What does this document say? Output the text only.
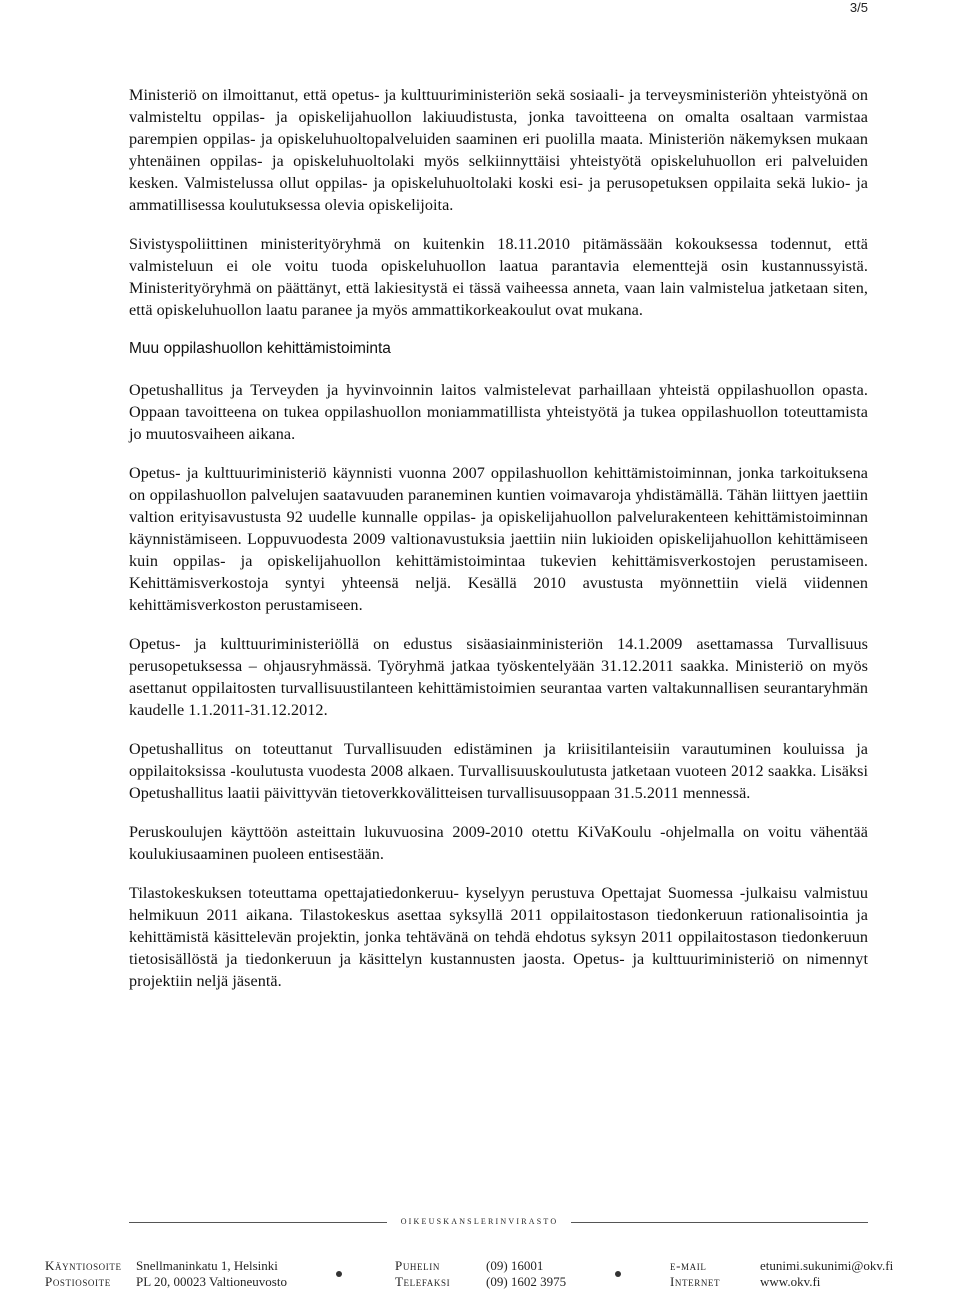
3/5

Ministeriö on ilmoittanut, että opetus- ja kulttuuriministeriön sekä sosiaali- ja terveysministeriön yhteistyönä on valmisteltu oppilas- ja opiskelijahuollon lakiuudistusta, jonka tavoitteena on omalta osaltaan varmistaa parempien oppilas- ja opiskeluhuoltopalveluiden saaminen eri puolilla maata. Ministeriön näkemyksen mukaan yhtenäinen oppilas- ja opiskeluhuoltolaki myös selkiinnyttäisi yhteistyötä opiskeluhuollon eri palveluiden kesken. Valmistelussa ollut oppilas- ja opiskeluhuoltolaki koski esi- ja perusopetuksen oppilaita sekä lukio- ja ammatillisessa koulutuksessa olevia opiskelijoita.

Sivistyspoliittinen ministerityöryhmä on kuitenkin 18.11.2010 pitämässään kokouksessa todennut, että valmisteluun ei ole voitu tuoda opiskeluhuollon laatua parantavia elementtejä osin kustannussyistä. Ministerityöryhmä on päättänyt, että lakiesitystä ei tässä vaiheessa anneta, vaan lain valmistelua jatketaan siten, että opiskeluhuollon laatu paranee ja myös ammattikorkeakoulut ovat mukana.

Muu oppilashuollon kehittämistoiminta

Opetushallitus ja Terveyden ja hyvinvoinnin laitos valmistelevat parhaillaan yhteistä oppilashuollon opasta. Oppaan tavoitteena on tukea oppilashuollon moniammatillista yhteistyötä ja tukea oppilashuollon toteuttamista jo muutosvaiheen aikana.

Opetus- ja kulttuuriministeriö käynnisti vuonna 2007 oppilashuollon kehittämistoiminnan, jonka tarkoituksena on oppilashuollon palvelujen saatavuuden paraneminen kuntien voimavaroja yhdistämällä. Tähän liittyen jaettiin valtion erityisavustusta 92 uudelle kunnalle oppilas- ja opiskelijahuollon palvelurakenteen kehittämistoiminnan käynnistämiseen. Loppuvuodesta 2009 valtionavustuksia jaettiin niin lukioiden opiskelijahuollon kehittämiseen kuin oppilas- ja opiskelijahuollon kehittämistoimintaa tukevien kehittämisverkostojen perustamiseen. Kehittämisverkostoja syntyi yhteensä neljä. Kesällä 2010 avustusta myönnettiin vielä viidennen kehittämisverkoston perustamiseen.

Opetus- ja kulttuuriministeriöllä on edustus sisäasiainministeriön 14.1.2009 asettamassa Turvallisuus perusopetuksessa – ohjausryhmässä. Työryhmä jatkaa työskentelyään 31.12.2011 saakka. Ministeriö on myös asettanut oppilaitosten turvallisuustilanteen kehittämistoimien seurantaa varten valtakunnallisen seurantaryhmän kaudelle 1.1.2011-31.12.2012.

Opetushallitus on toteuttanut Turvallisuuden edistäminen ja kriisitilanteisiin varautuminen kouluissa ja oppilaitoksissa -koulutusta vuodesta 2008 alkaen. Turvallisuuskoulutusta jatketaan vuoteen 2012 saakka. Lisäksi Opetushallitus laatii päivittyvän tietoverkkovälitteisen turvallisuusoppaan 31.5.2011 mennessä.

Peruskoulujen käyttöön asteittain lukuvuosina 2009-2010 otettu KiVaKoulu -ohjelmalla on voitu vähentää koulukiusaaminen puoleen entisestään.

Tilastokeskuksen toteuttama opettajatiedonkeruu- kyselyyn perustuva Opettajat Suomessa -julkaisu valmistuu helmikuun 2011 aikana. Tilastokeskus asettaa syksyllä 2011 oppilaitostason tiedonkeruun rationalisointia ja kehittämistä käsittelevän projektin, jonka tehtävänä on tehdä ehdotus syksyn 2011 oppilaitostason tiedonkeruun tietosisällöstä ja tiedonkeruun ja käsittelyn kustannusten jaosta. Opetus- ja kulttuuriministeriö on nimennyt projektiin neljä jäsentä.

oikeuskanslerinvirasto
Käyntiosoite
Postiosoite
Snellmaninkatu 1, Helsinki
PL 20, 00023 Valtioneuvosto
Puhelin
Telefaksi
(09) 16001
(09) 1602 3975
e-mail
Internet
etunimi.sukunimi@okv.fi
www.okv.fi
